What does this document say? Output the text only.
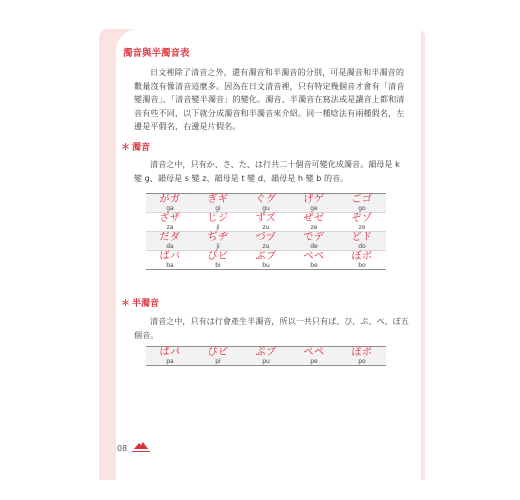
濁音與半濁音表
日文裡除了清音之外，還有濁音和半濁音的分別，可是濁音和半濁音的數量沒有像清音這麼多。因為在日文清音裡，只有特定幾個音才會有「清音變濁音」、「清音變半濁音」的變化。濁音、半濁音在寫法或是讀音上都和清音有些不同，以下就分成濁音和半濁音來介紹。同一種唸法有兩種假名，左邊是平假名，右邊是片假名。
＊ 濁音
清音之中，只有か、さ、た、は行共二十個音可變化成濁音。韻母是 k 變 g、韻母是 s 變 z、韻母是 t 變 d、韻母是 h 變 b 的音。
がガ
ga
ぎギ
gi
ぐグ
gu
げゲ
ge
ごゴ
go
ざザ
za
じジ
ji
ずズ
zu
ぜゼ
ze
ぞゾ
zo
だダ
da
ぢヂ
ji
づヅ
zu
でデ
de
どド
do
ばバ
ba
びビ
bi
ぶブ
bu
べベ
be
ぼボ
bo
＊ 半濁音
清音之中，只有は行會產生半濁音，所以一共只有ぱ、ぴ、ぷ、ぺ、ぽ五個音。
ぱパ
pa
ぴピ
pi
ぷプ
pu
ぺペ
pe
ぽポ
po
08
